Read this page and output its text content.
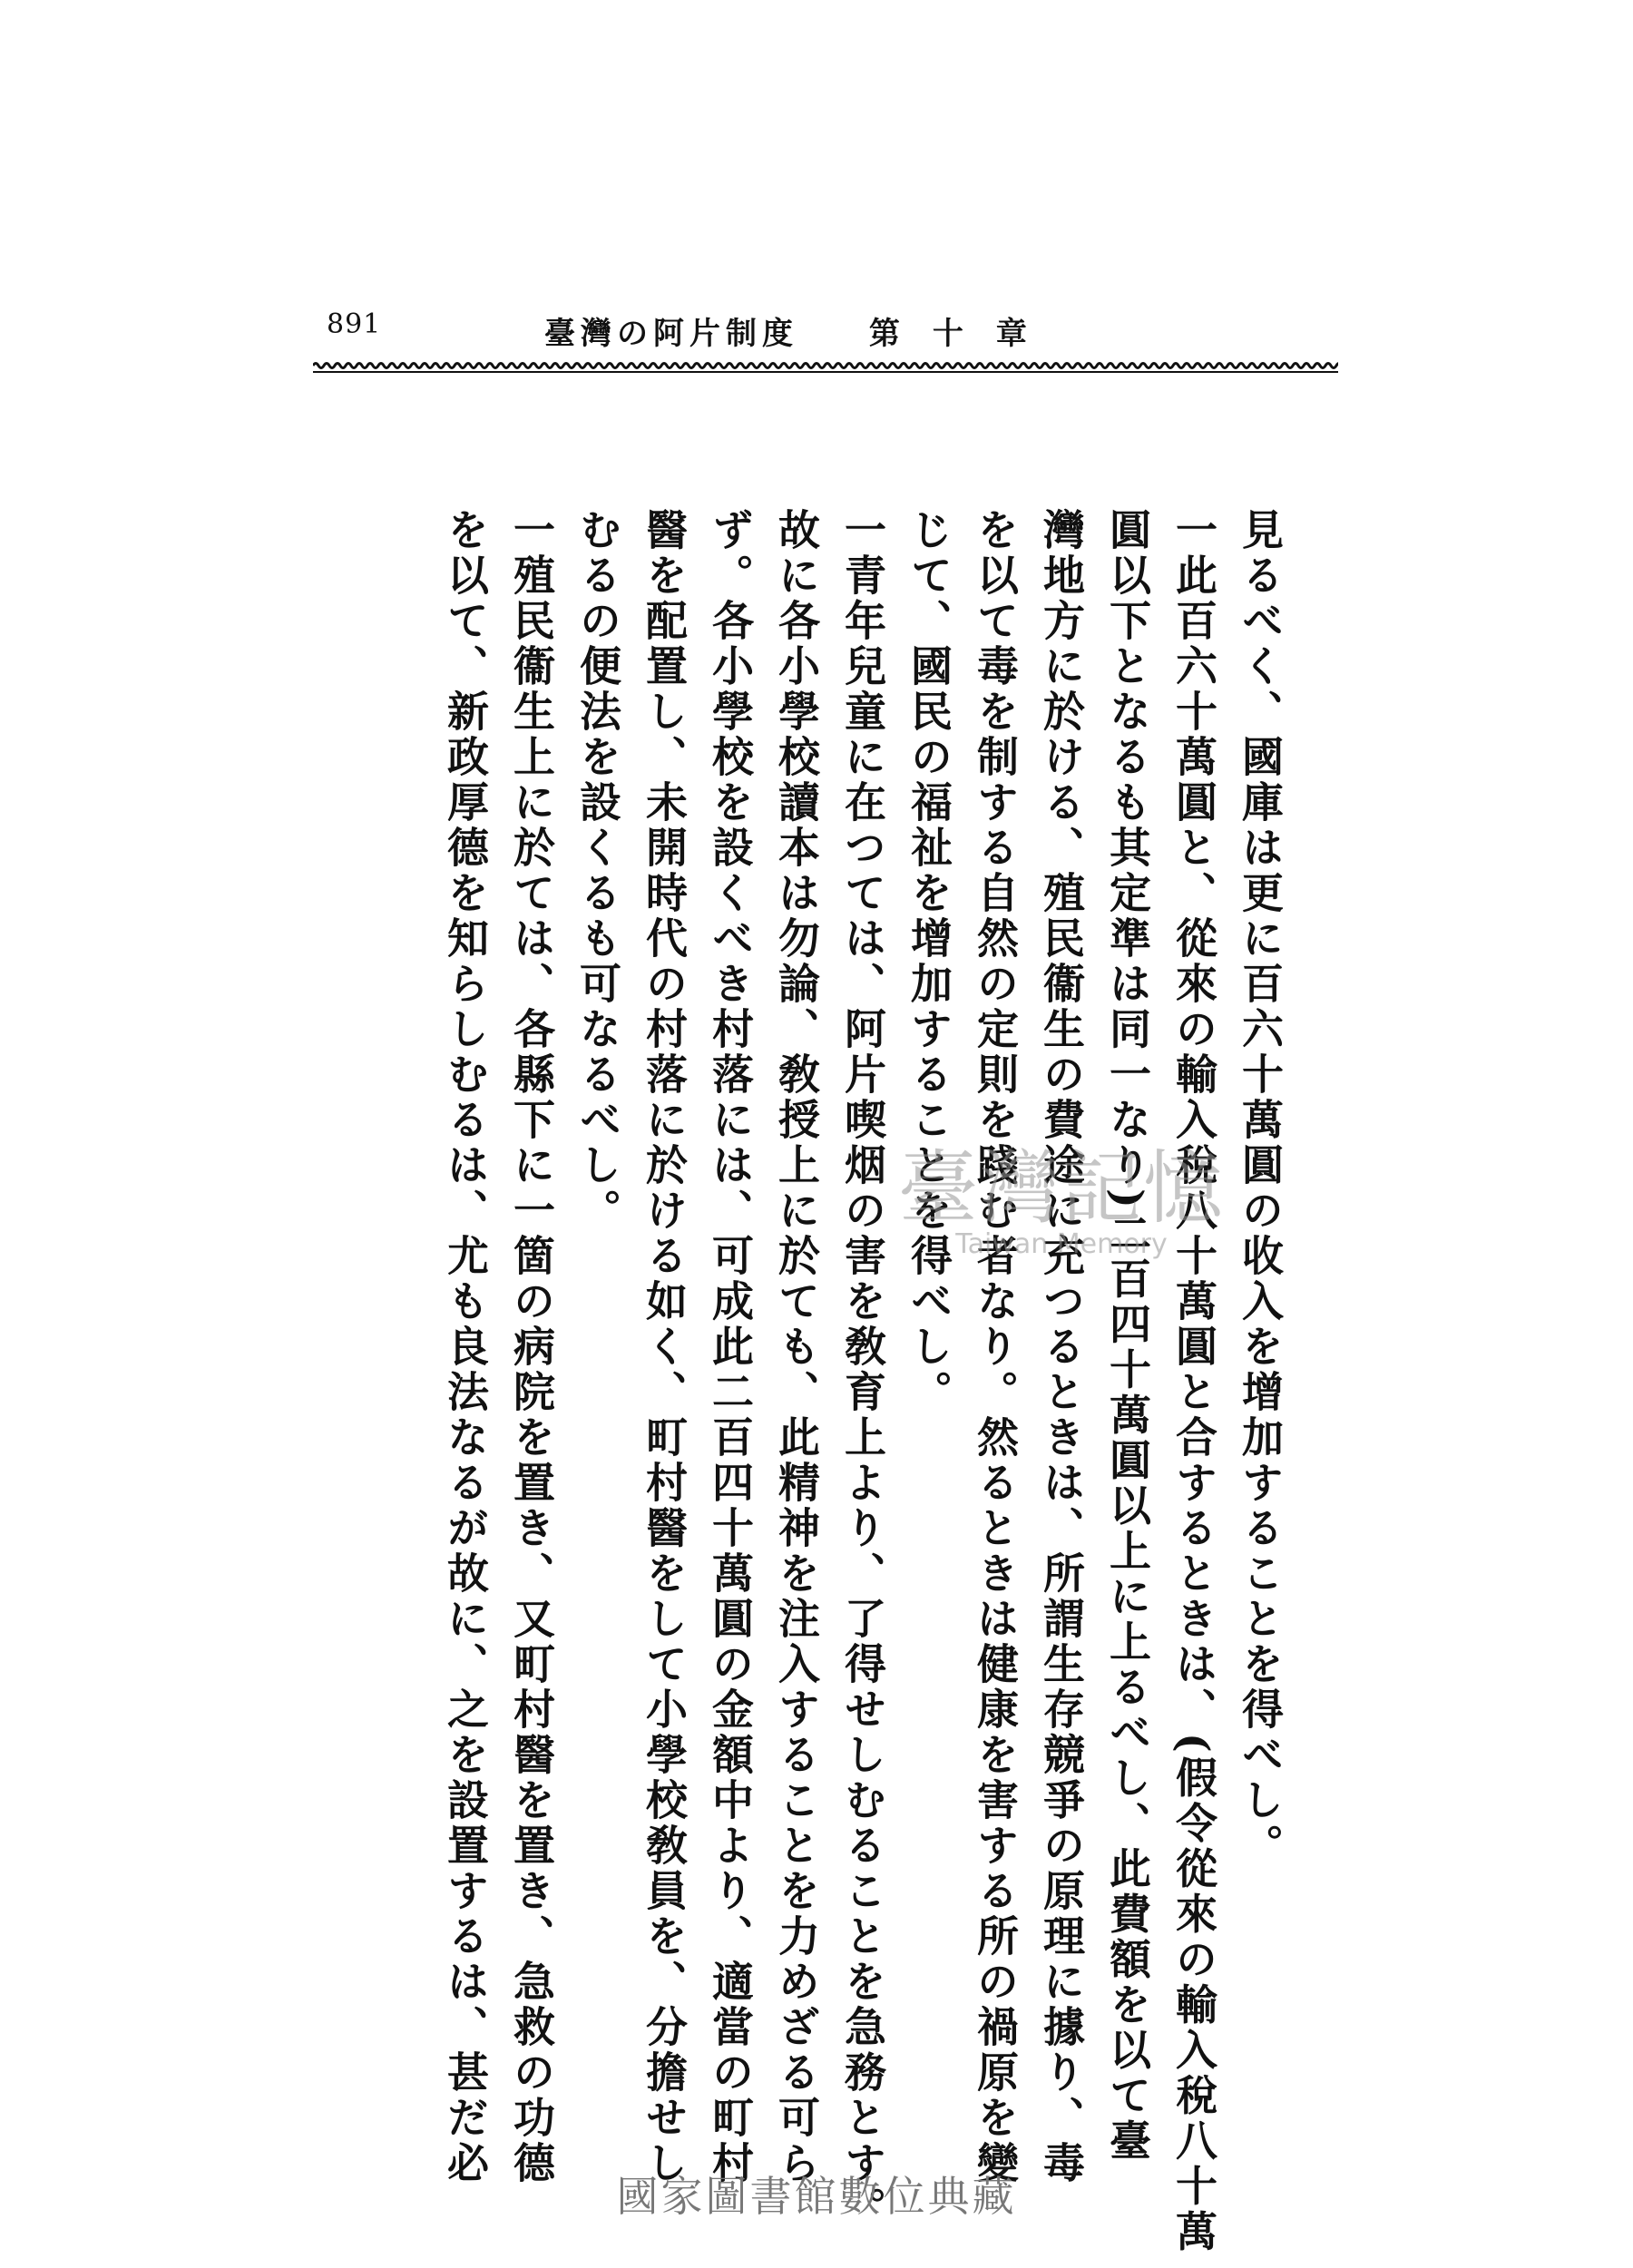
891	臺灣の阿片制度 第十章
見るべく、國庫は更に百六十萬圓の收入を增加することを得べし。
一此百六十萬圓と、從來の輸入稅八十萬圓と合するときは、(假令從來の輸入稅八十萬
圓以下となるも其定準は同一なり)二百四十萬圓以上に上るべし、此費額を以て臺
灣地方に於ける、殖民衞生の費途に充つるときは、所謂生存競爭の原理に據り、毒
を以て毒を制する自然の定則を踐む者なり。然るときは健康を害する所の禍原を變
じて、國民の福祉を增加することを得べし。
一青年兒童に在つては、阿片喫烟の害を敎育上より、了得せしむることを急務とす。
故に各小學校讀本は勿論、敎授上に於ても、此精神を注入することを力めざる可ら
ず。各小學校を設くべき村落には、可成此二百四十萬圓の金額中より、適當の町村
醫を配置し、未開時代の村落に於ける如く、町村醫をして小學校敎員を、分擔せし
むるの便法を設くるも可なるべし。
一殖民衞生上に於ては、各縣下に一箇の病院を置き、又町村醫を置き、急救の功德
を以て、新政厚德を知らしむるは、尤も良法なるが故に、之を設置するは、甚だ必	臺灣記憶
Taiwan Memory
國家圖書館數位典藏
